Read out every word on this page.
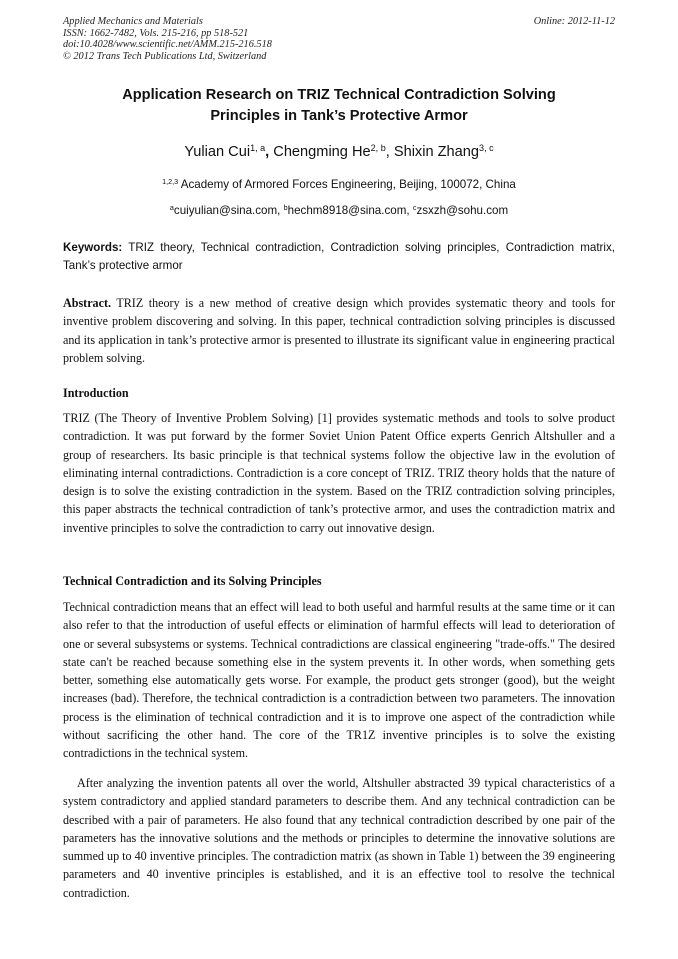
Applied Mechanics and Materials
ISSN: 1662-7482, Vols. 215-216, pp 518-521
doi:10.4028/www.scientific.net/AMM.215-216.518
© 2012 Trans Tech Publications Ltd, Switzerland
Online: 2012-11-12
Application Research on TRIZ Technical Contradiction Solving
Principles in Tank’s Protective Armor
Yulian Cui$^{1, a}$, Chengming He$^{2, b}$, Shixin Zhang$^{3, c}$
$^{1,2,3}$ Academy of Armored Forces Engineering, Beijing, 100072, China
$^a$cuiyulian@sina.com, $^b$hechm8918@sina.com, $^c$zsxzh@sohu.com
Keywords: TRIZ theory, Technical contradiction, Contradiction solving principles, Contradiction matrix, Tank’s protective armor
Abstract. TRIZ theory is a new method of creative design which provides systematic theory and tools for inventive problem discovering and solving. In this paper, technical contradiction solving principles is discussed and its application in tank’s protective armor is presented to illustrate its significant value in engineering practical problem solving.
Introduction
TRIZ (The Theory of Inventive Problem Solving) [1] provides systematic methods and tools to solve product contradiction. It was put forward by the former Soviet Union Patent Office experts Genrich Altshuller and a group of researchers. Its basic principle is that technical systems follow the objective law in the evolution of eliminating internal contradictions. Contradiction is a core concept of TRIZ. TRIZ theory holds that the nature of design is to solve the existing contradiction in the system. Based on the TRIZ contradiction solving principles, this paper abstracts the technical contradiction of tank’s protective armor, and uses the contradiction matrix and inventive principles to solve the contradiction to carry out innovative design.
Technical Contradiction and its Solving Principles
Technical contradiction means that an effect will lead to both useful and harmful results at the same time or it can also refer to that the introduction of useful effects or elimination of harmful effects will lead to deterioration of one or several subsystems or systems. Technical contradictions are classical engineering "trade-offs." The desired state can't be reached because something else in the system prevents it. In other words, when something gets better, something else automatically gets worse. For example, the product gets stronger (good), but the weight increases (bad). Therefore, the technical contradiction is a contradiction between two parameters. The innovation process is the elimination of technical contradiction and it is to improve one aspect of the contradiction while without sacrificing the other hand. The core of the TR1Z inventive principles is to solve the existing contradictions in the technical system.
After analyzing the invention patents all over the world, Altshuller abstracted 39 typical characteristics of a system contradictory and applied standard parameters to describe them. And any technical contradiction can be described with a pair of parameters. He also found that any technical contradiction described by one pair of the parameters has the innovative solutions and the methods or principles to determine the innovative solutions are summed up to 40 inventive principles. The contradiction matrix (as shown in Table 1) between the 39 engineering parameters and 40 inventive principles is established, and it is an effective tool to resolve the technical contradiction.
